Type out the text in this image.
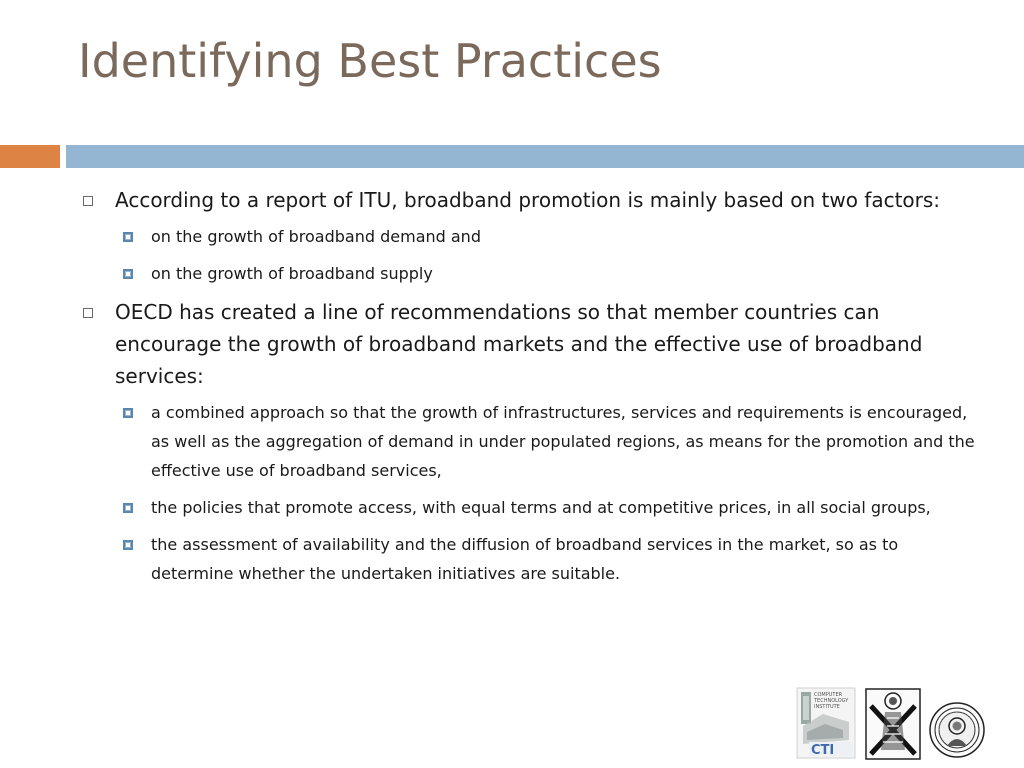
Identifying Best Practices
According to a report of ITU, broadband promotion is mainly based on two factors:
on the growth of broadband demand and
on the growth of broadband supply
OECD has created a line of recommendations so that member countries can encourage the growth of broadband markets and the effective use of broadband services:
a combined approach so that the growth of infrastructures, services and requirements is encouraged, as well as the aggregation of demand in under populated regions, as means for the promotion and the effective use of broadband services,
the policies that promote access, with equal terms and at competitive prices, in all social groups,
the assessment of availability and the diffusion of broadband services in the market, so as to determine whether the undertaken initiatives are suitable.
COMPUTER
TECHNOLOGY
INSTITUTE
CTI
